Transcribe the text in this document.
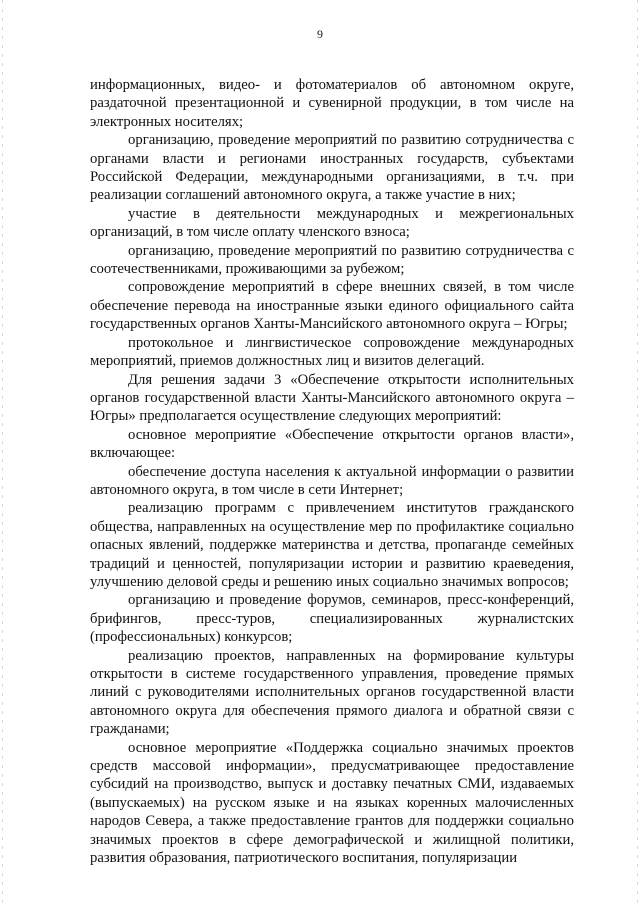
9

информационных, видео- и фотоматериалов об автономном округе, раздаточной презентационной и сувенирной продукции, в том числе на электронных носителях;

организацию, проведение мероприятий по развитию сотрудничества с органами власти и регионами иностранных государств, субъектами Российской Федерации, международными организациями, в т.ч. при реализации соглашений автономного округа, а также участие в них;

участие в деятельности международных и межрегиональных организаций, в том числе оплату членского взноса;

организацию, проведение мероприятий по развитию сотрудничества с соотечественниками, проживающими за рубежом;

сопровождение мероприятий в сфере внешних связей, в том числе обеспечение перевода на иностранные языки единого официального сайта государственных органов Ханты-Мансийского автономного округа – Югры;

протокольное и лингвистическое сопровождение международных мероприятий, приемов должностных лиц и визитов делегаций.

Для решения задачи 3 «Обеспечение открытости исполнительных органов государственной власти Ханты-Мансийского автономного округа – Югры» предполагается осуществление следующих мероприятий:

основное мероприятие «Обеспечение открытости органов власти», включающее:

обеспечение доступа населения к актуальной информации о развитии автономного округа, в том числе в сети Интернет;

реализацию программ с привлечением институтов гражданского общества, направленных на осуществление мер по профилактике социально опасных явлений, поддержке материнства и детства, пропаганде семейных традиций и ценностей, популяризации истории и развитию краеведения, улучшению деловой среды и решению иных социально значимых вопросов;

организацию и проведение форумов, семинаров, пресс-конференций, брифингов, пресс-туров, специализированных журналистских (профессиональных) конкурсов;

реализацию проектов, направленных на формирование культуры открытости в системе государственного управления, проведение прямых линий с руководителями исполнительных органов государственной власти автономного округа для обеспечения прямого диалога и обратной связи с гражданами;

основное мероприятие «Поддержка социально значимых проектов средств массовой информации», предусматривающее предоставление субсидий на производство, выпуск и доставку печатных СМИ, издаваемых (выпускаемых) на русском языке и на языках коренных малочисленных народов Севера, а также предоставление грантов для поддержки социально значимых проектов в сфере демографической и жилищной политики, развития образования, патриотического воспитания, популяризации
